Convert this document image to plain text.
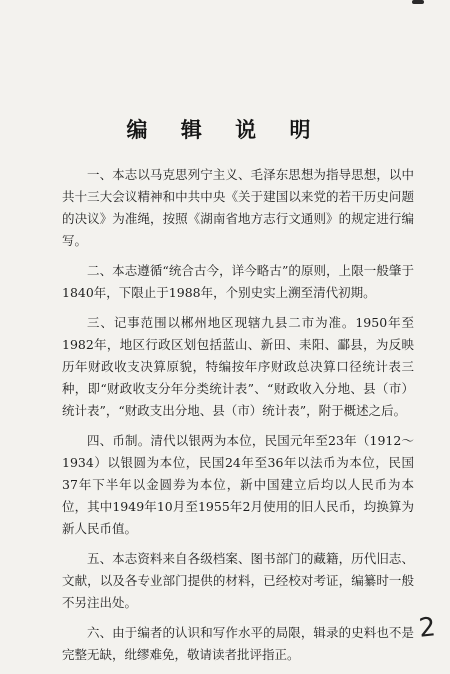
编 辑 说 明

一、本志以马克思列宁主义、毛泽东思想为指导思想，以中共十三大会议精神和中共中央《关于建国以来党的若干历史问题的决议》为准绳，按照《湖南省地方志行文通则》的规定进行编写。

二、本志遵循“统合古今，详今略古”的原则，上限一般肇于1840年，下限止于1988年，个别史实上溯至清代初期。

三、记事范围以郴州地区现辖九县二市为准。1950年至1982年，地区行政区划包括蓝山、新田、耒阳、酃县，为反映历年财政收支决算原貌，特编按年序财政总决算口径统计表三种，即“财政收支分年分类统计表”、“财政收入分地、县（市）统计表”，“财政支出分地、县（市）统计表”，附于概述之后。

四、币制。清代以银两为本位，民国元年至23年（1912～1934）以银圆为本位，民国24年至36年以法币为本位，民国37年下半年以金圆券为本位，新中国建立后均以人民币为本位，其中1949年10月至1955年2月使用的旧人民币，均换算为新人民币值。

五、本志资料来自各级档案、图书部门的藏籍，历代旧志、文献，以及各专业部门提供的材料，已经校对考证，编纂时一般不另注出处。

六、由于编者的认识和写作水平的局限，辑录的史料也不是完整无缺，纰缪难免，敬请读者批评指正。

2
